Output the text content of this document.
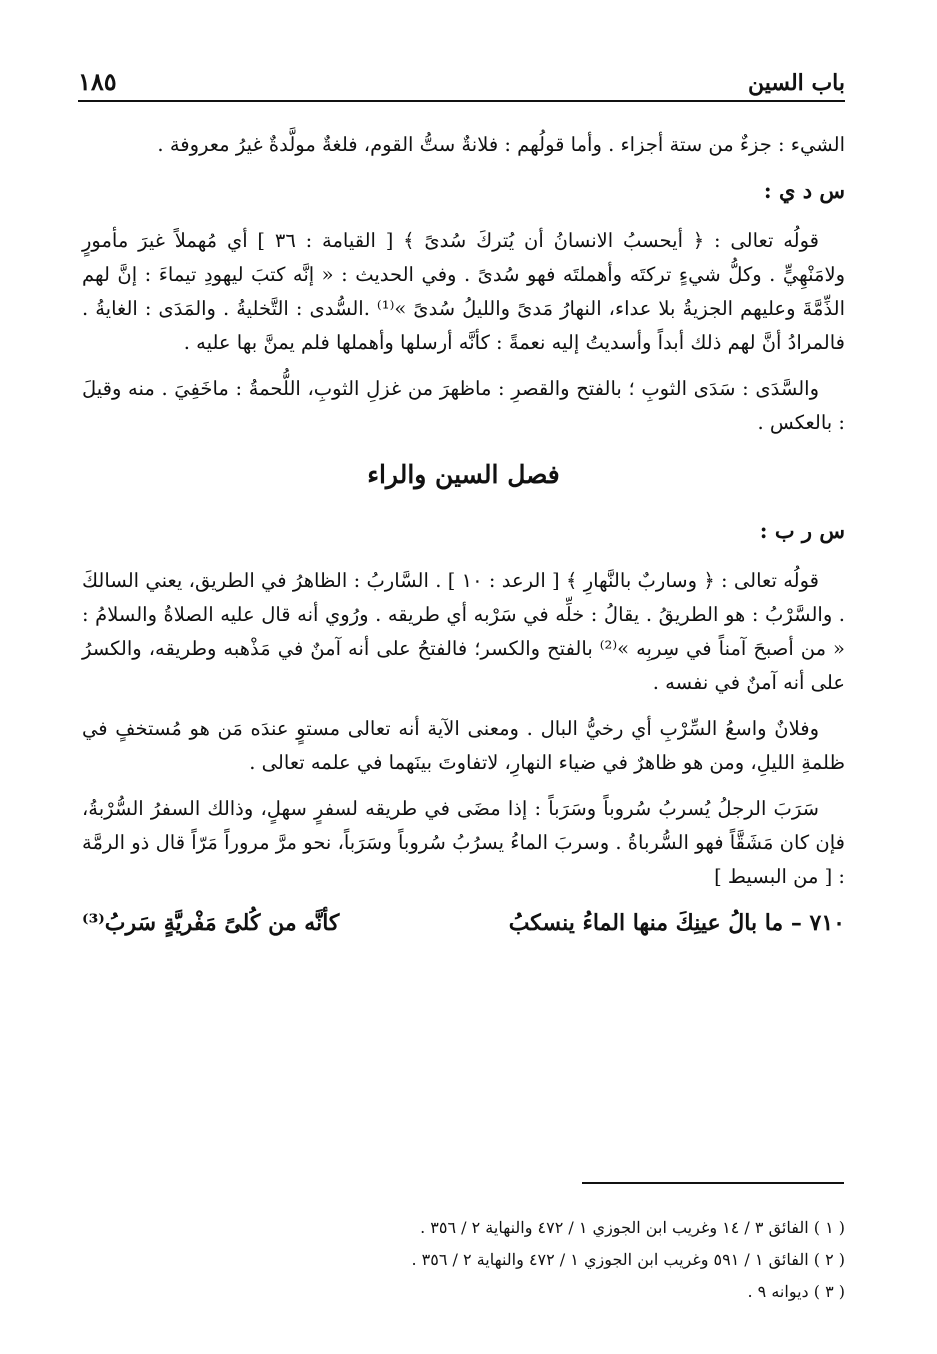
باب السين
١٨٥

الشيء : جزءٌ من ستة أجزاء . وأما قولُهم : فلانةٌ ستُّ القوم، فلغةٌ مولَّدةٌ غيرُ معروفة .

س د ي :

قولُه تعالى : ﴿ أيحسبُ الانسانُ أن يُتركَ سُدىً ﴾ [ القيامة : ٣٦ ] أي مُهملاً غيرَ مأمورٍ ولامَنْهِيٍّ . وكلُّ شيءٍ تركتَه وأهملتَه فهو سُدىً . وفي الحديث : « إنَّه كتبَ ليهودِ تيماءَ : إنَّ لهم الذِّمَّةَ وعليهم الجزيةُ بلا عداء، النهارُ مَدىً والليلُ سُدىً »⁽¹⁾ .السُّدى : التَّخليةُ . والمَدَى : الغايةُ . فالمرادُ أنَّ لهم ذلك أبداً وأسديتُ إليه نعمةً : كأنَّه أرسلها وأهملها فلم يمنَّ بها عليه .

والسَّدَى : سَدَى الثوبِ ؛ بالفتح والقصرِ : ماظهرَ من غزلِ الثوبِ، اللُّحمةُ : ماخَفِيَ . منه وقيلَ : بالعكس .

فصل السين والراء
س ر ب :

قولُه تعالى : ﴿ وساربٌ بالنَّهارِ ﴾ [ الرعد : ١٠ ] . السَّاربُ : الظاهرُ في الطريق، يعني السالكَ . والسَّرْبُ : هو الطريقُ . يقالُ : خلِّه في سَرْبه أي طريقه . ورُوي أنه قال عليه الصلاةُ والسلامُ : « من أصبحَ آمناً في سِربِه »⁽²⁾ بالفتح والكسر؛ فالفتحُ على أنه آمنٌ في مَذْهبه وطريقه، والكسرُ على أنه آمنٌ في نفسه .

وفلانٌ واسعُ السِّرْبِ أي رخيُّ البال . ومعنى الآية أنه تعالى مستوٍ عندَه مَن هو مُستخفٍ في ظلمةِ الليلِ، ومن هو ظاهرٌ في ضياء النهارِ، لاتفاوتَ بينَهما في علمه تعالى .

سَرَبَ الرجلُ يُسربُ سُروباً وسَرَباً : إذا مضَى في طريقه لسفرٍ سهلٍ، وذالك السفرُ السُّرْبةُ، فإن كان مَشَقَّاً فهو السُّرباةُ . وسربَ الماءُ يسرُبُ سُروباً وسَرَباً، نحو مرَّ مروراً مَرّاً قال ذو الرمَّة : [ من البسيط ]

٧١٠ – ما بالُ عينِكَ منها الماءُ ينسكبُ
كأنَّه من كُلىً مَفْريَّةٍ سَربُ⁽³⁾
( ١ ) الفائق ٣ / ١٤ وغريب ابن الجوزي ١ / ٤٧٢ والنهاية ٢ / ٣٥٦ .
( ٢ ) الفائق ١ / ٥٩١ وغريب ابن الجوزي ١ / ٤٧٢ والنهاية ٢ / ٣٥٦ .
( ٣ ) ديوانه ٩ .
